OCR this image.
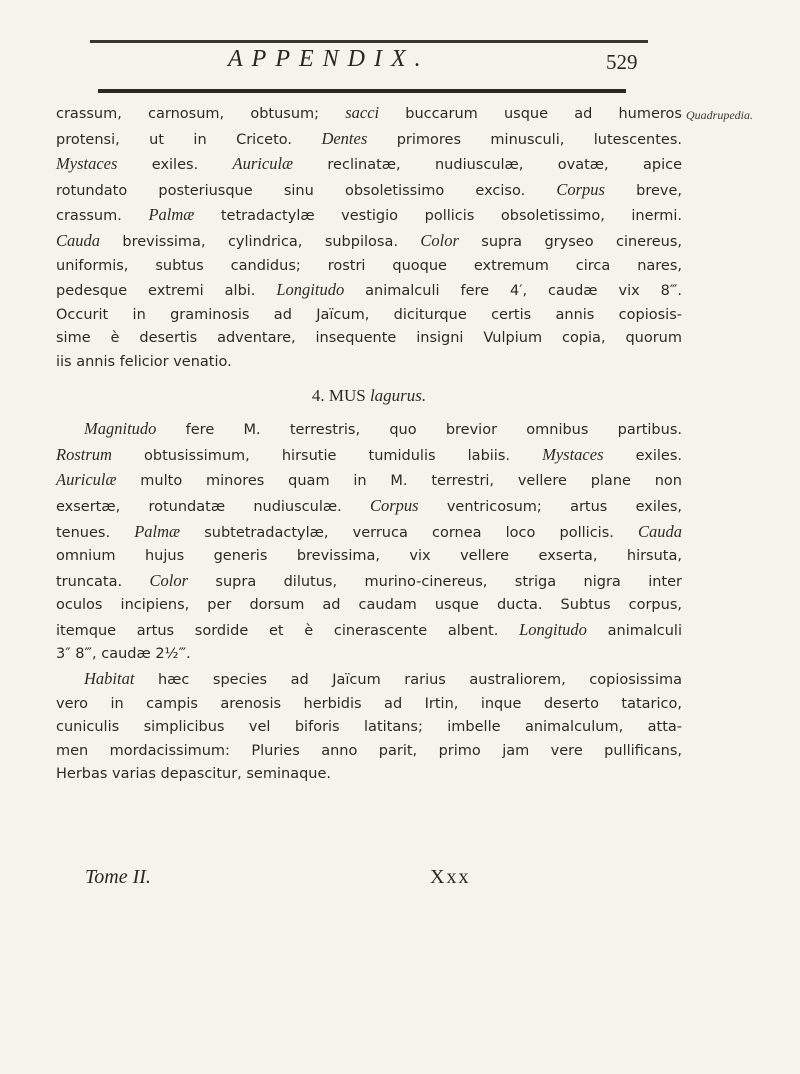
APPENDIX.	529
Quadrupedia.
crassum, carnosum, obtusum; sacci buccarum usque ad humeros
protensi, ut in Criceto. Dentes primores minusculi, lutescentes.
Mystaces exiles. Auriculæ reclinatæ, nudiusculæ, ovatæ, apice
rotundato posteriusque sinu obsoletissimo exciso. Corpus breve,
crassum. Palmæ tetradactylæ vestigio pollicis obsoletissimo, inermi.
Cauda brevissima, cylindrica, subpilosa. Color supra gryseo cinereus,
uniformis, subtus candidus; rostri quoque extremum circa nares,
pedesque extremi albi. Longitudo animalculi fere 4′, caudæ vix 8‴.
Occurit in graminosis ad Jaïcum, diciturque certis annis copiosis-
sime è desertis adventare, insequente insigni Vulpium copia, quorum
iis annis felicior venatio.
4. MUS lagurus.
Magnitudo fere M. terrestris, quo brevior omnibus partibus.
Rostrum obtusissimum, hirsutie tumidulis labiis. Mystaces exiles.
Auriculæ multo minores quam in M. terrestri, vellere plane non
exsertæ, rotundatæ nudiusculæ. Corpus ventricosum; artus exiles,
tenues. Palmæ subtetradactylæ, verruca cornea loco pollicis. Cauda
omnium hujus generis brevissima, vix vellere exserta, hirsuta,
truncata. Color supra dilutus, murino-cinereus, striga nigra inter
oculos incipiens, per dorsum ad caudam usque ducta. Subtus corpus,
itemque artus sordide et è cinerascente albent. Longitudo animalculi
3″ 8‴, caudæ 2½‴.
Habitat hæc species ad Jaïcum rarius australiorem, copiosissima
vero in campis arenosis herbidis ad Irtin, inque deserto tatarico,
cuniculis simplicibus vel biforis latitans; imbelle animalculum, atta-
men mordacissimum: Pluries anno parit, primo jam vere pullificans,
Herbas varias depascitur, seminaque.
Tome II.	Xxx
